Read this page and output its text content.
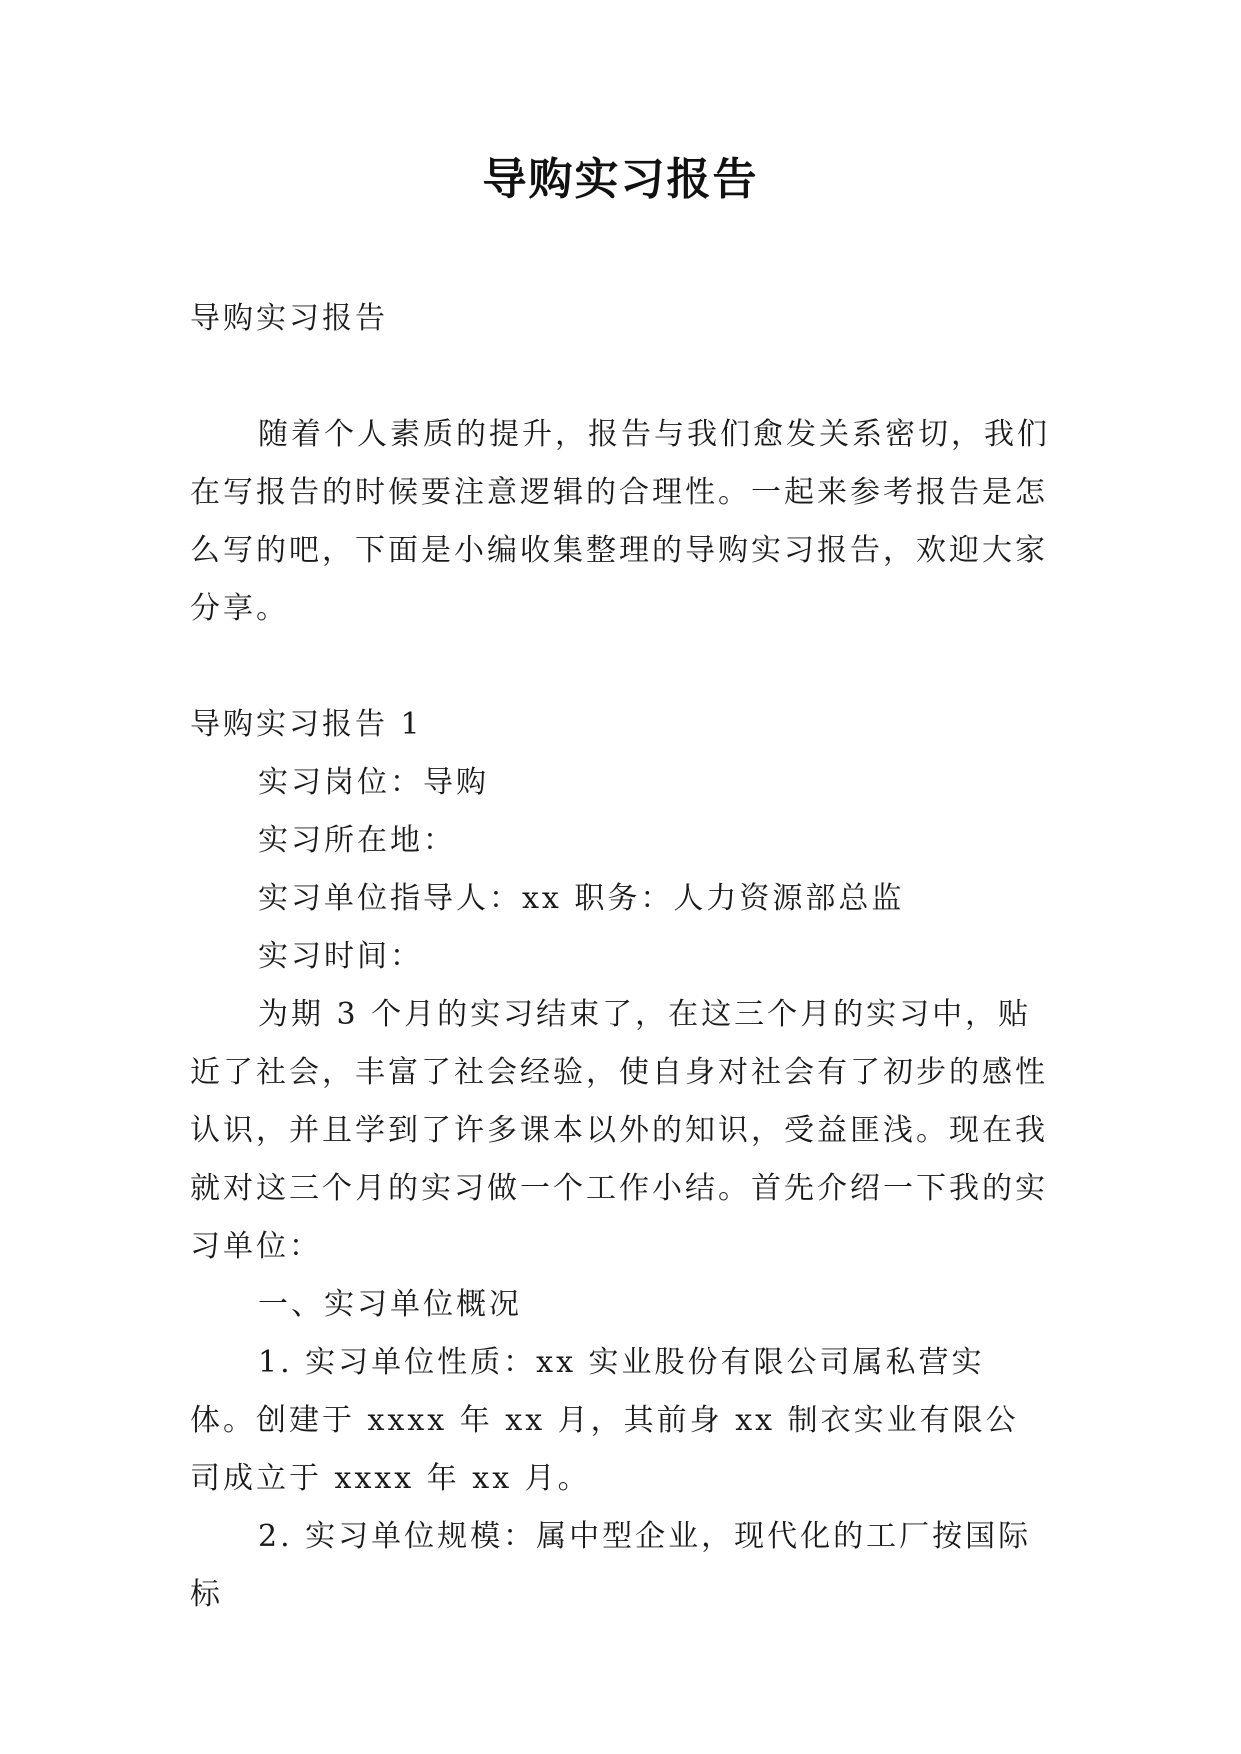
导购实习报告

导购实习报告

随着个人素质的提升，报告与我们愈发关系密切，我们在写报告的时候要注意逻辑的合理性。一起来参考报告是怎么写的吧，下面是小编收集整理的导购实习报告，欢迎大家分享。

导购实习报告 1

实习岗位：导购

实习所在地：

实习单位指导人：xx 职务：人力资源部总监

实习时间：

为期 3 个月的实习结束了，在这三个月的实习中，贴近了社会，丰富了社会经验，使自身对社会有了初步的感性认识，并且学到了许多课本以外的知识，受益匪浅。现在我就对这三个月的实习做一个工作小结。首先介绍一下我的实习单位：

一、实习单位概况

1. 实习单位性质：xx 实业股份有限公司属私营实体。创建于 xxxx 年 xx 月，其前身 xx 制衣实业有限公司成立于 xxxx 年 xx 月。

2. 实习单位规模：属中型企业，现代化的工厂按国际标
